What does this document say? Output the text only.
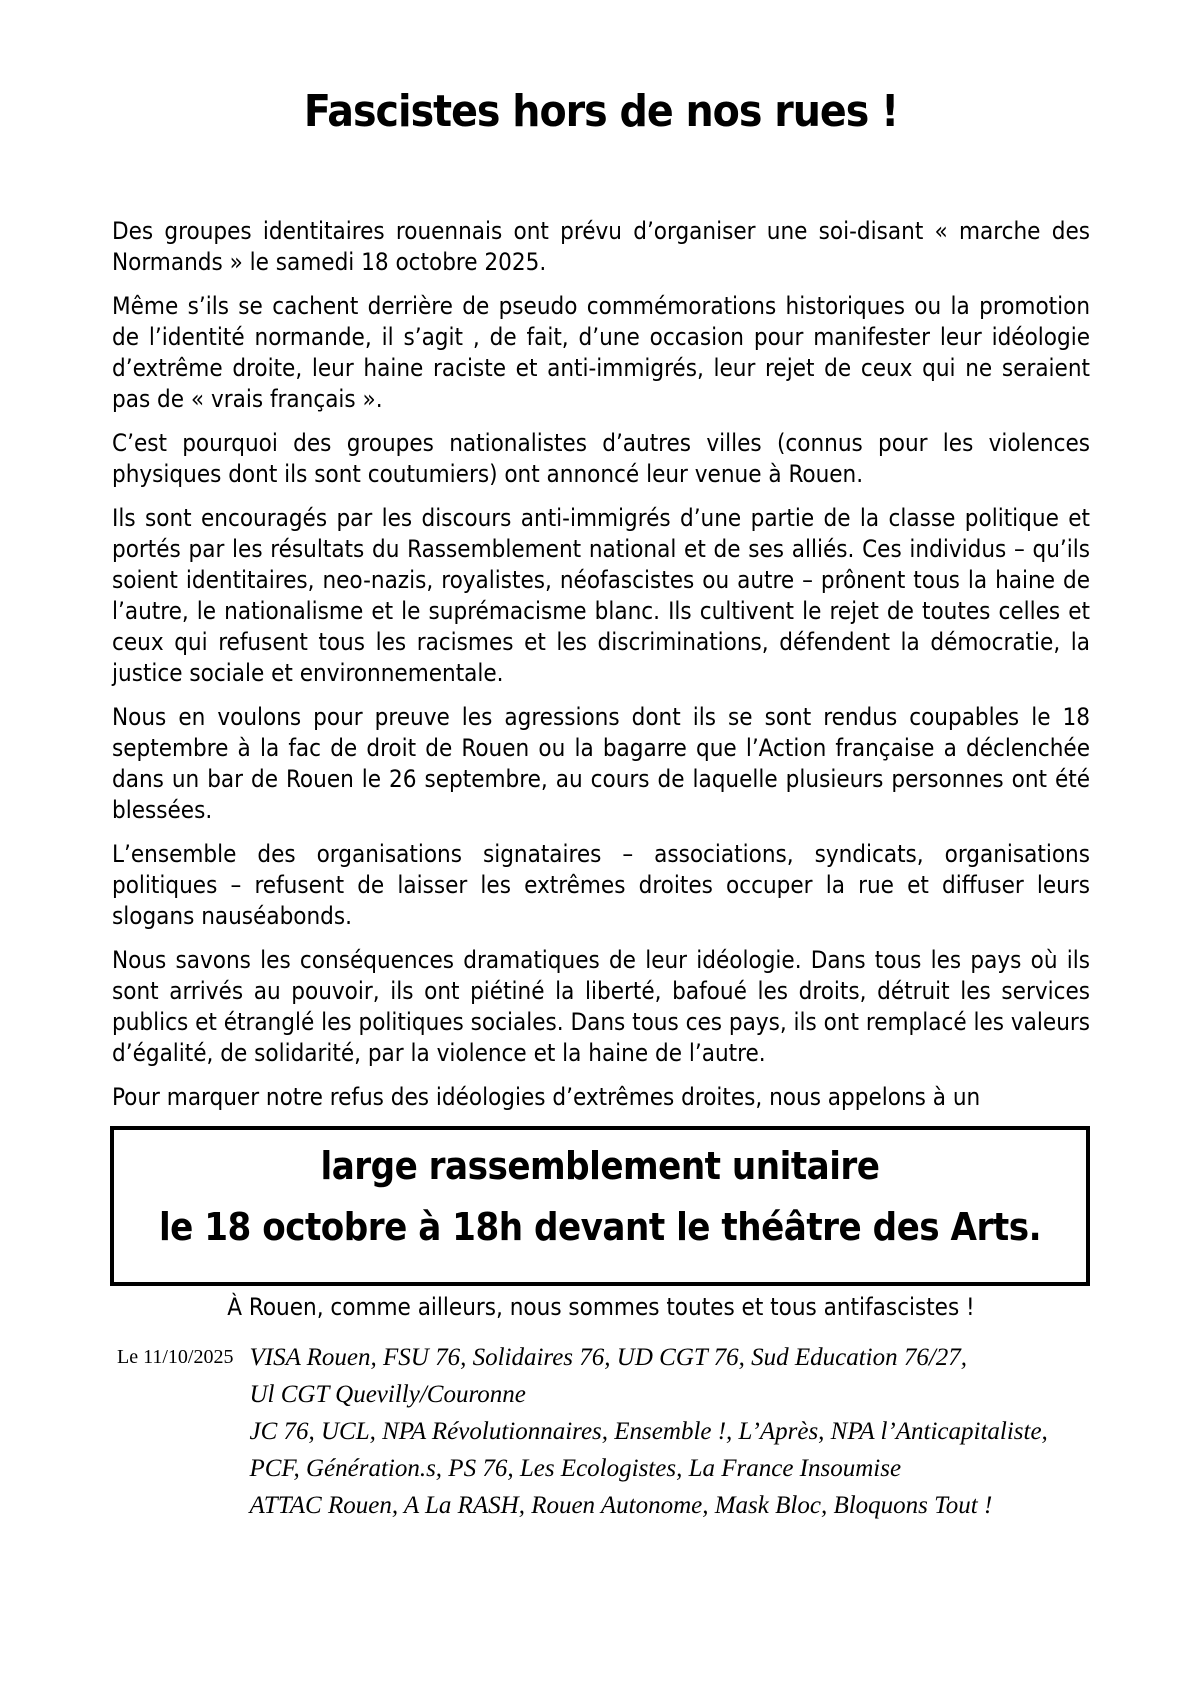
Fascistes hors de nos rues !

Des groupes identitaires rouennais ont prévu d’organiser une soi-disant « marche des Normands » le samedi 18 octobre 2025.

Même s’ils se cachent derrière de pseudo commémorations historiques ou la promotion de l’identité normande, il s’agit , de fait, d’une occasion pour manifester leur idéologie d’extrême droite, leur haine raciste et anti-immigrés, leur rejet de ceux qui ne seraient pas de « vrais français ».

C’est pourquoi des groupes nationalistes d’autres villes (connus pour les violences physiques dont ils sont coutumiers) ont annoncé leur venue à Rouen.

Ils sont encouragés par les discours anti-immigrés d’une partie de la classe politique et portés par les résultats du Rassemblement national et de ses alliés. Ces individus – qu’ils soient identitaires, neo-nazis, royalistes, néofascistes ou autre – prônent tous la haine de l’autre, le nationalisme et le suprémacisme blanc. Ils cultivent le rejet de toutes celles et ceux qui refusent tous les racismes et les discriminations, défendent la démocratie, la justice sociale et environnementale.

Nous en voulons pour preuve les agressions dont ils se sont rendus coupables le 18 septembre à la fac de droit de Rouen ou la bagarre que l’Action française a déclenchée dans un bar de Rouen le 26 septembre, au cours de laquelle plusieurs personnes ont été blessées.

L’ensemble des organisations signataires – associations, syndicats, organisations politiques – refusent de laisser les extrêmes droites occuper la rue et diffuser leurs slogans nauséabonds.

Nous savons les conséquences dramatiques de leur idéologie. Dans tous les pays où ils sont arrivés au pouvoir, ils ont piétiné la liberté, bafoué les droits, détruit les services publics et étranglé les politiques sociales. Dans tous ces pays, ils ont remplacé les valeurs d’égalité, de solidarité, par la violence et la haine de l’autre.

Pour marquer notre refus des idéologies d’extrêmes droites, nous appelons à un

large rassemblement unitaire
le 18 octobre à 18h devant le théâtre des Arts.

À Rouen, comme ailleurs, nous sommes toutes et tous antifascistes !

Le 11/10/2025 VISA Rouen, FSU 76, Solidaires 76, UD CGT 76, Sud Education 76/27,
Ul CGT Quevilly/Couronne
JC 76, UCL, NPA Révolutionnaires, Ensemble !, L’Après, NPA l’Anticapitaliste,
PCF, Génération.s, PS 76, Les Ecologistes, La France Insoumise
ATTAC Rouen, A La RASH, Rouen Autonome, Mask Bloc, Bloquons Tout !
